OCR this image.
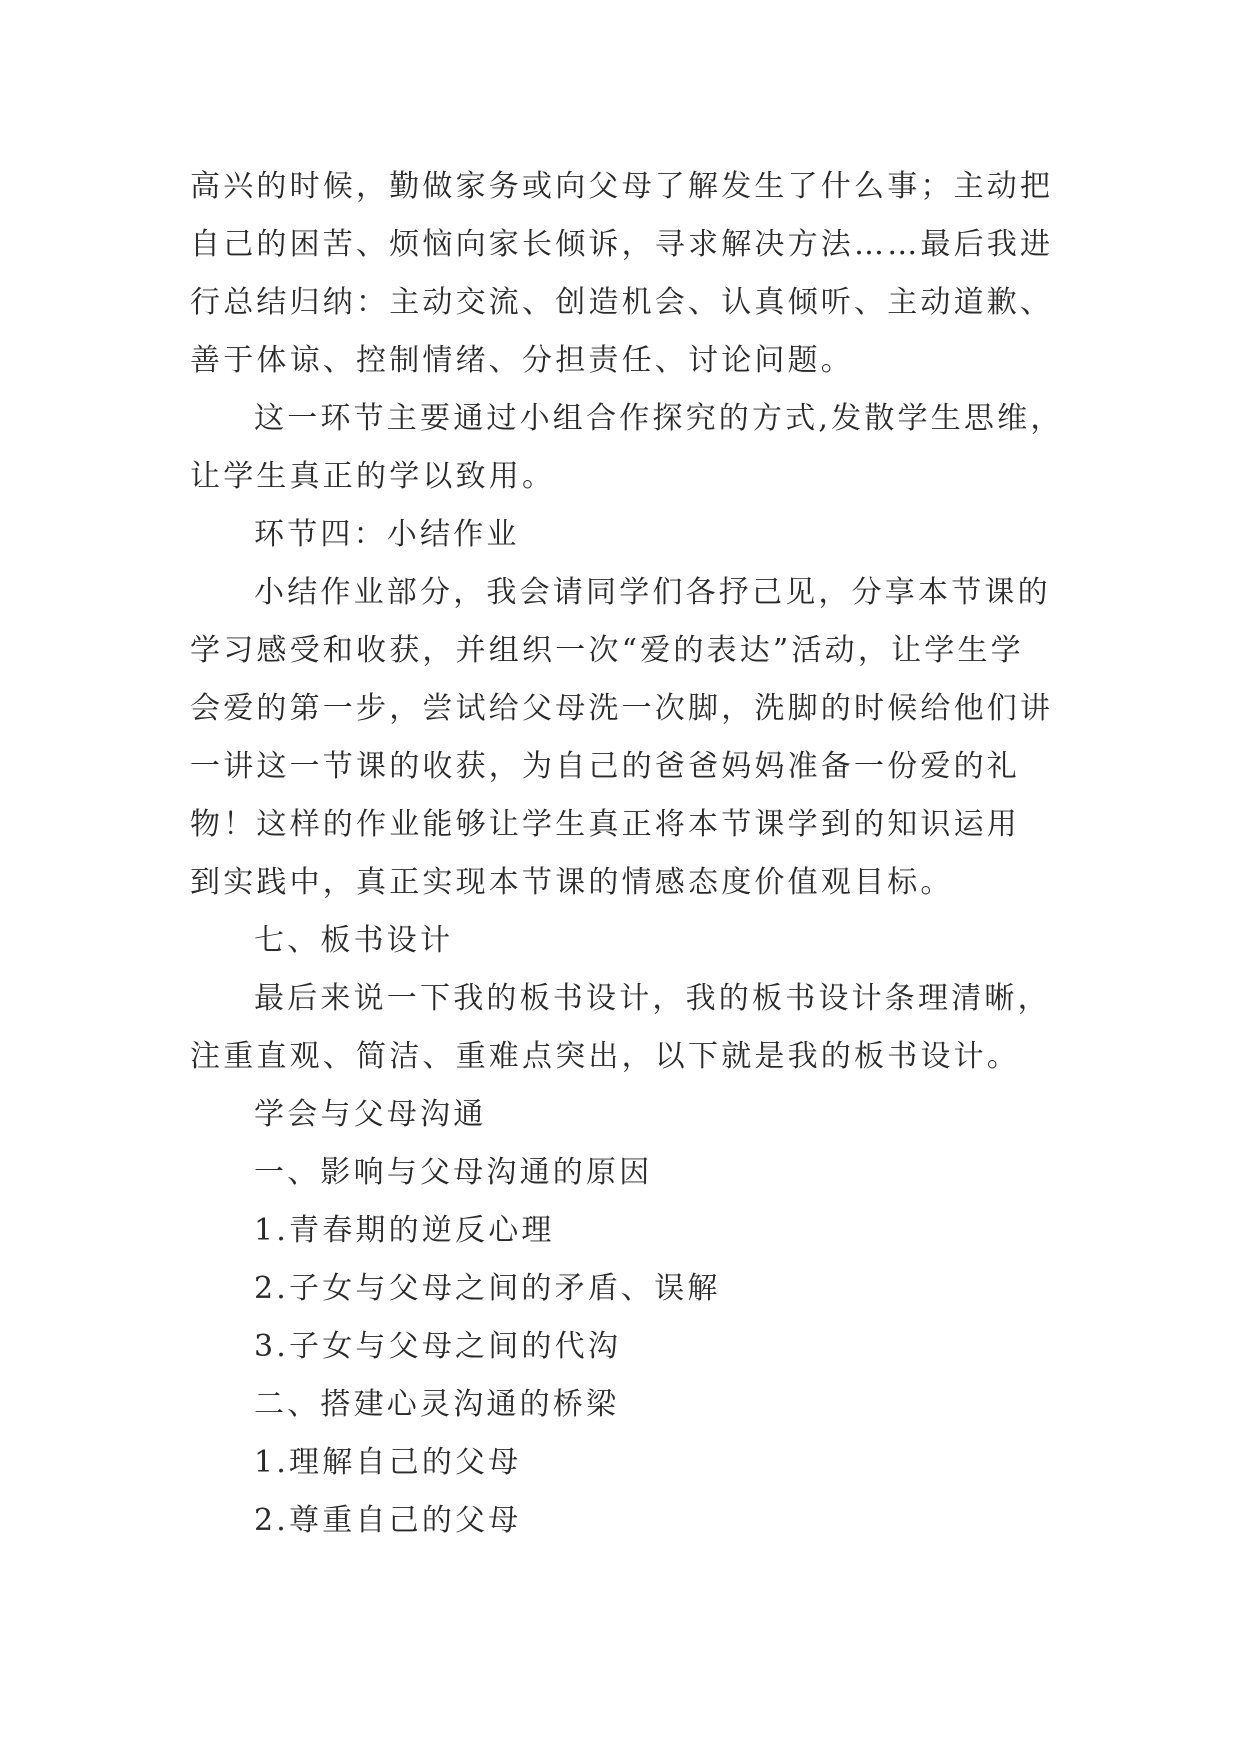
高兴的时候，勤做家务或向父母了解发生了什么事；主动把
自己的困苦、烦恼向家长倾诉，寻求解决方法……最后我进
行总结归纳：主动交流、创造机会、认真倾听、主动道歉、
善于体谅、控制情绪、分担责任、讨论问题。
这一环节主要通过小组合作探究的方式,发散学生思维，
让学生真正的学以致用。
环节四：小结作业
小结作业部分，我会请同学们各抒己见，分享本节课的
学习感受和收获，并组织一次“爱的表达”活动，让学生学
会爱的第一步，尝试给父母洗一次脚，洗脚的时候给他们讲
一讲这一节课的收获，为自己的爸爸妈妈准备一份爱的礼
物！这样的作业能够让学生真正将本节课学到的知识运用
到实践中，真正实现本节课的情感态度价值观目标。
七、板书设计
最后来说一下我的板书设计，我的板书设计条理清晰，
注重直观、简洁、重难点突出，以下就是我的板书设计。
学会与父母沟通
一、影响与父母沟通的原因
1.青春期的逆反心理
2.子女与父母之间的矛盾、误解
3.子女与父母之间的代沟
二、搭建心灵沟通的桥梁
1.理解自己的父母
2.尊重自己的父母
